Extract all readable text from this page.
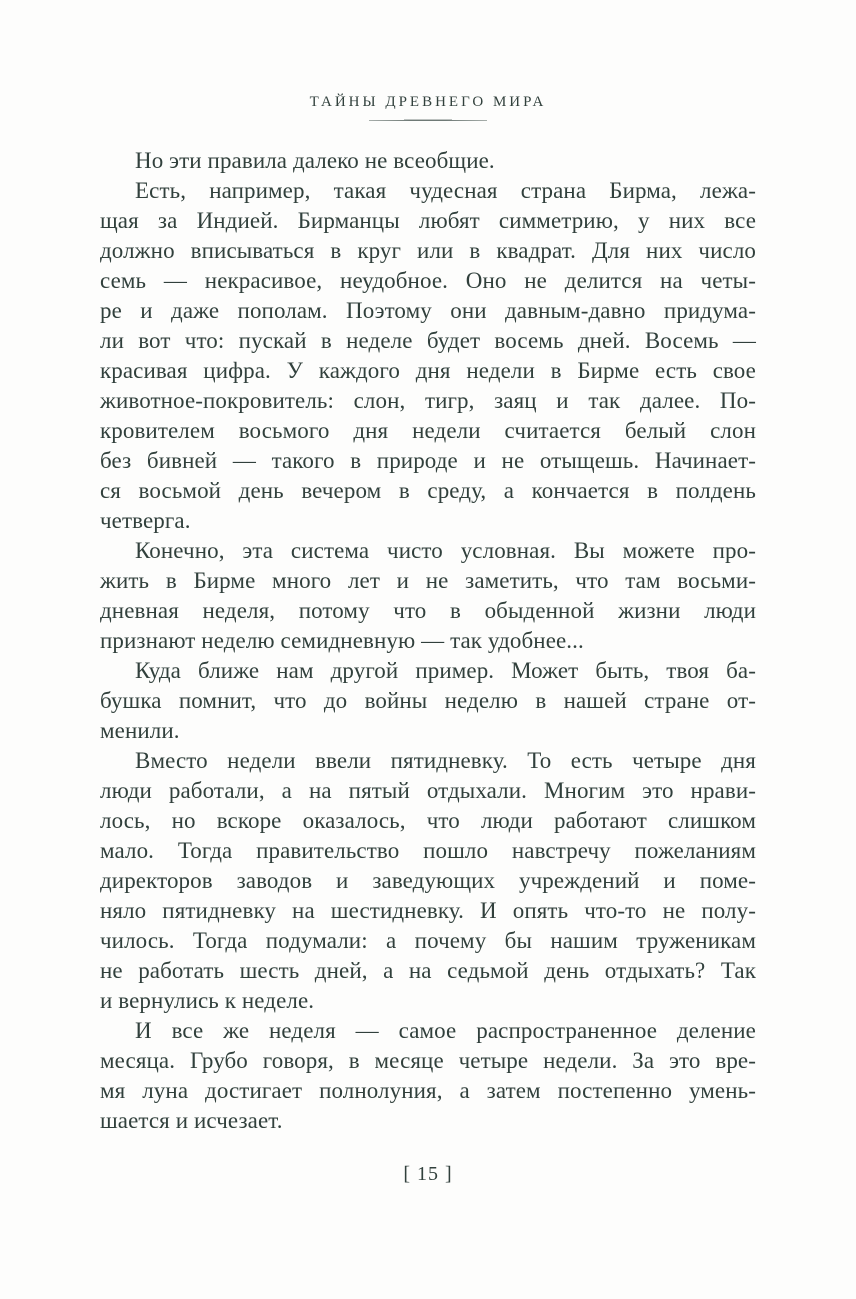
ТАЙНЫ ДРЕВНЕГО МИРА
Но эти правила далеко не всеобщие.
Есть, например, такая чудесная страна Бирма, лежа-
щая за Индией. Бирманцы любят симметрию, у них все
должно вписываться в круг или в квадрат. Для них число
семь — некрасивое, неудобное. Оно не делится на четы-
ре и даже пополам. Поэтому они давным-давно придума-
ли вот что: пускай в неделе будет восемь дней. Восемь —
красивая цифра. У каждого дня недели в Бирме есть свое
животное-покровитель: слон, тигр, заяц и так далее. По-
кровителем восьмого дня недели считается белый слон
без бивней — такого в природе и не отыщешь. Начинает-
ся восьмой день вечером в среду, а кончается в полдень
четверга.
Конечно, эта система чисто условная. Вы можете про-
жить в Бирме много лет и не заметить, что там восьми-
дневная неделя, потому что в обыденной жизни люди
признают неделю семидневную — так удобнее...
Куда ближе нам другой пример. Может быть, твоя ба-
бушка помнит, что до войны неделю в нашей стране от-
менили.
Вместо недели ввели пятидневку. То есть четыре дня
люди работали, а на пятый отдыхали. Многим это нрави-
лось, но вскоре оказалось, что люди работают слишком
мало. Тогда правительство пошло навстречу пожеланиям
директоров заводов и заведующих учреждений и поме-
няло пятидневку на шестидневку. И опять что-то не полу-
чилось. Тогда подумали: а почему бы нашим труженикам
не работать шесть дней, а на седьмой день отдыхать? Так
и вернулись к неделе.
И все же неделя — самое распространенное деление
месяца. Грубо говоря, в месяце четыре недели. За это вре-
мя луна достигает полнолуния, а затем постепенно умень-
шается и исчезает.
[ 15 ]
